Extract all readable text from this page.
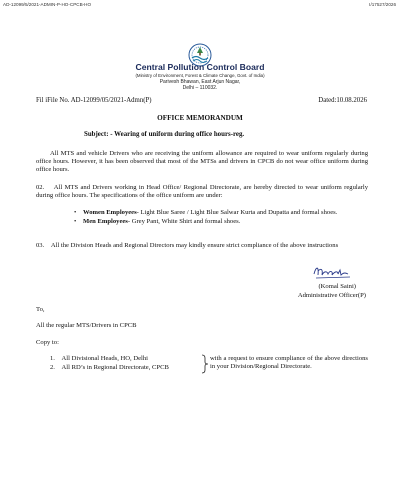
AD-12099/5/2021-ADMIN-P-HO-CPCB-HO	I/17527/2026
Central Pollution Control Board
(Ministry of Environment, Forest & Climate Change, Govt. of India)
Parivesh Bhawan, East Arjun Nagar,
Delhi – 110032.
Fil iFile No. AD-12099/05/2021-Admn(P)	Dated:10.08.2026
OFFICE MEMORANDUM
Subject: - Wearing of uniform during office hours-reg.
All MTS and vehicle Drivers who are receiving the uniform allowance are required to wear uniform regularly during office hours. However, it has been observed that most of the MTSs and drivers in CPCB do not wear office uniform during office hours.
02. All MTS and Drivers working in Head Office/ Regional Directorate, are hereby directed to wear uniform regularly during office hours. The specifications of the office uniform are under:
• Women Employees- Light Blue Saree / Light Blue Salwar Kurta and Dupatta and formal shoes.
• Men Employees- Grey Pant, White Shirt and formal shoes.
03. All the Division Heads and Regional Directors may kindly ensure strict compliance of the above instructions
(Komal Saini)
Administrative Officer(P)
To,
All the regular MTS/Drivers in CPCB
Copy to:
1. All Divisional Heads, HO, Delhi
2. All RD’s in Regional Directorate, CPCB
with a request to ensure compliance of the above directions in your Division/Regional Directorate.
